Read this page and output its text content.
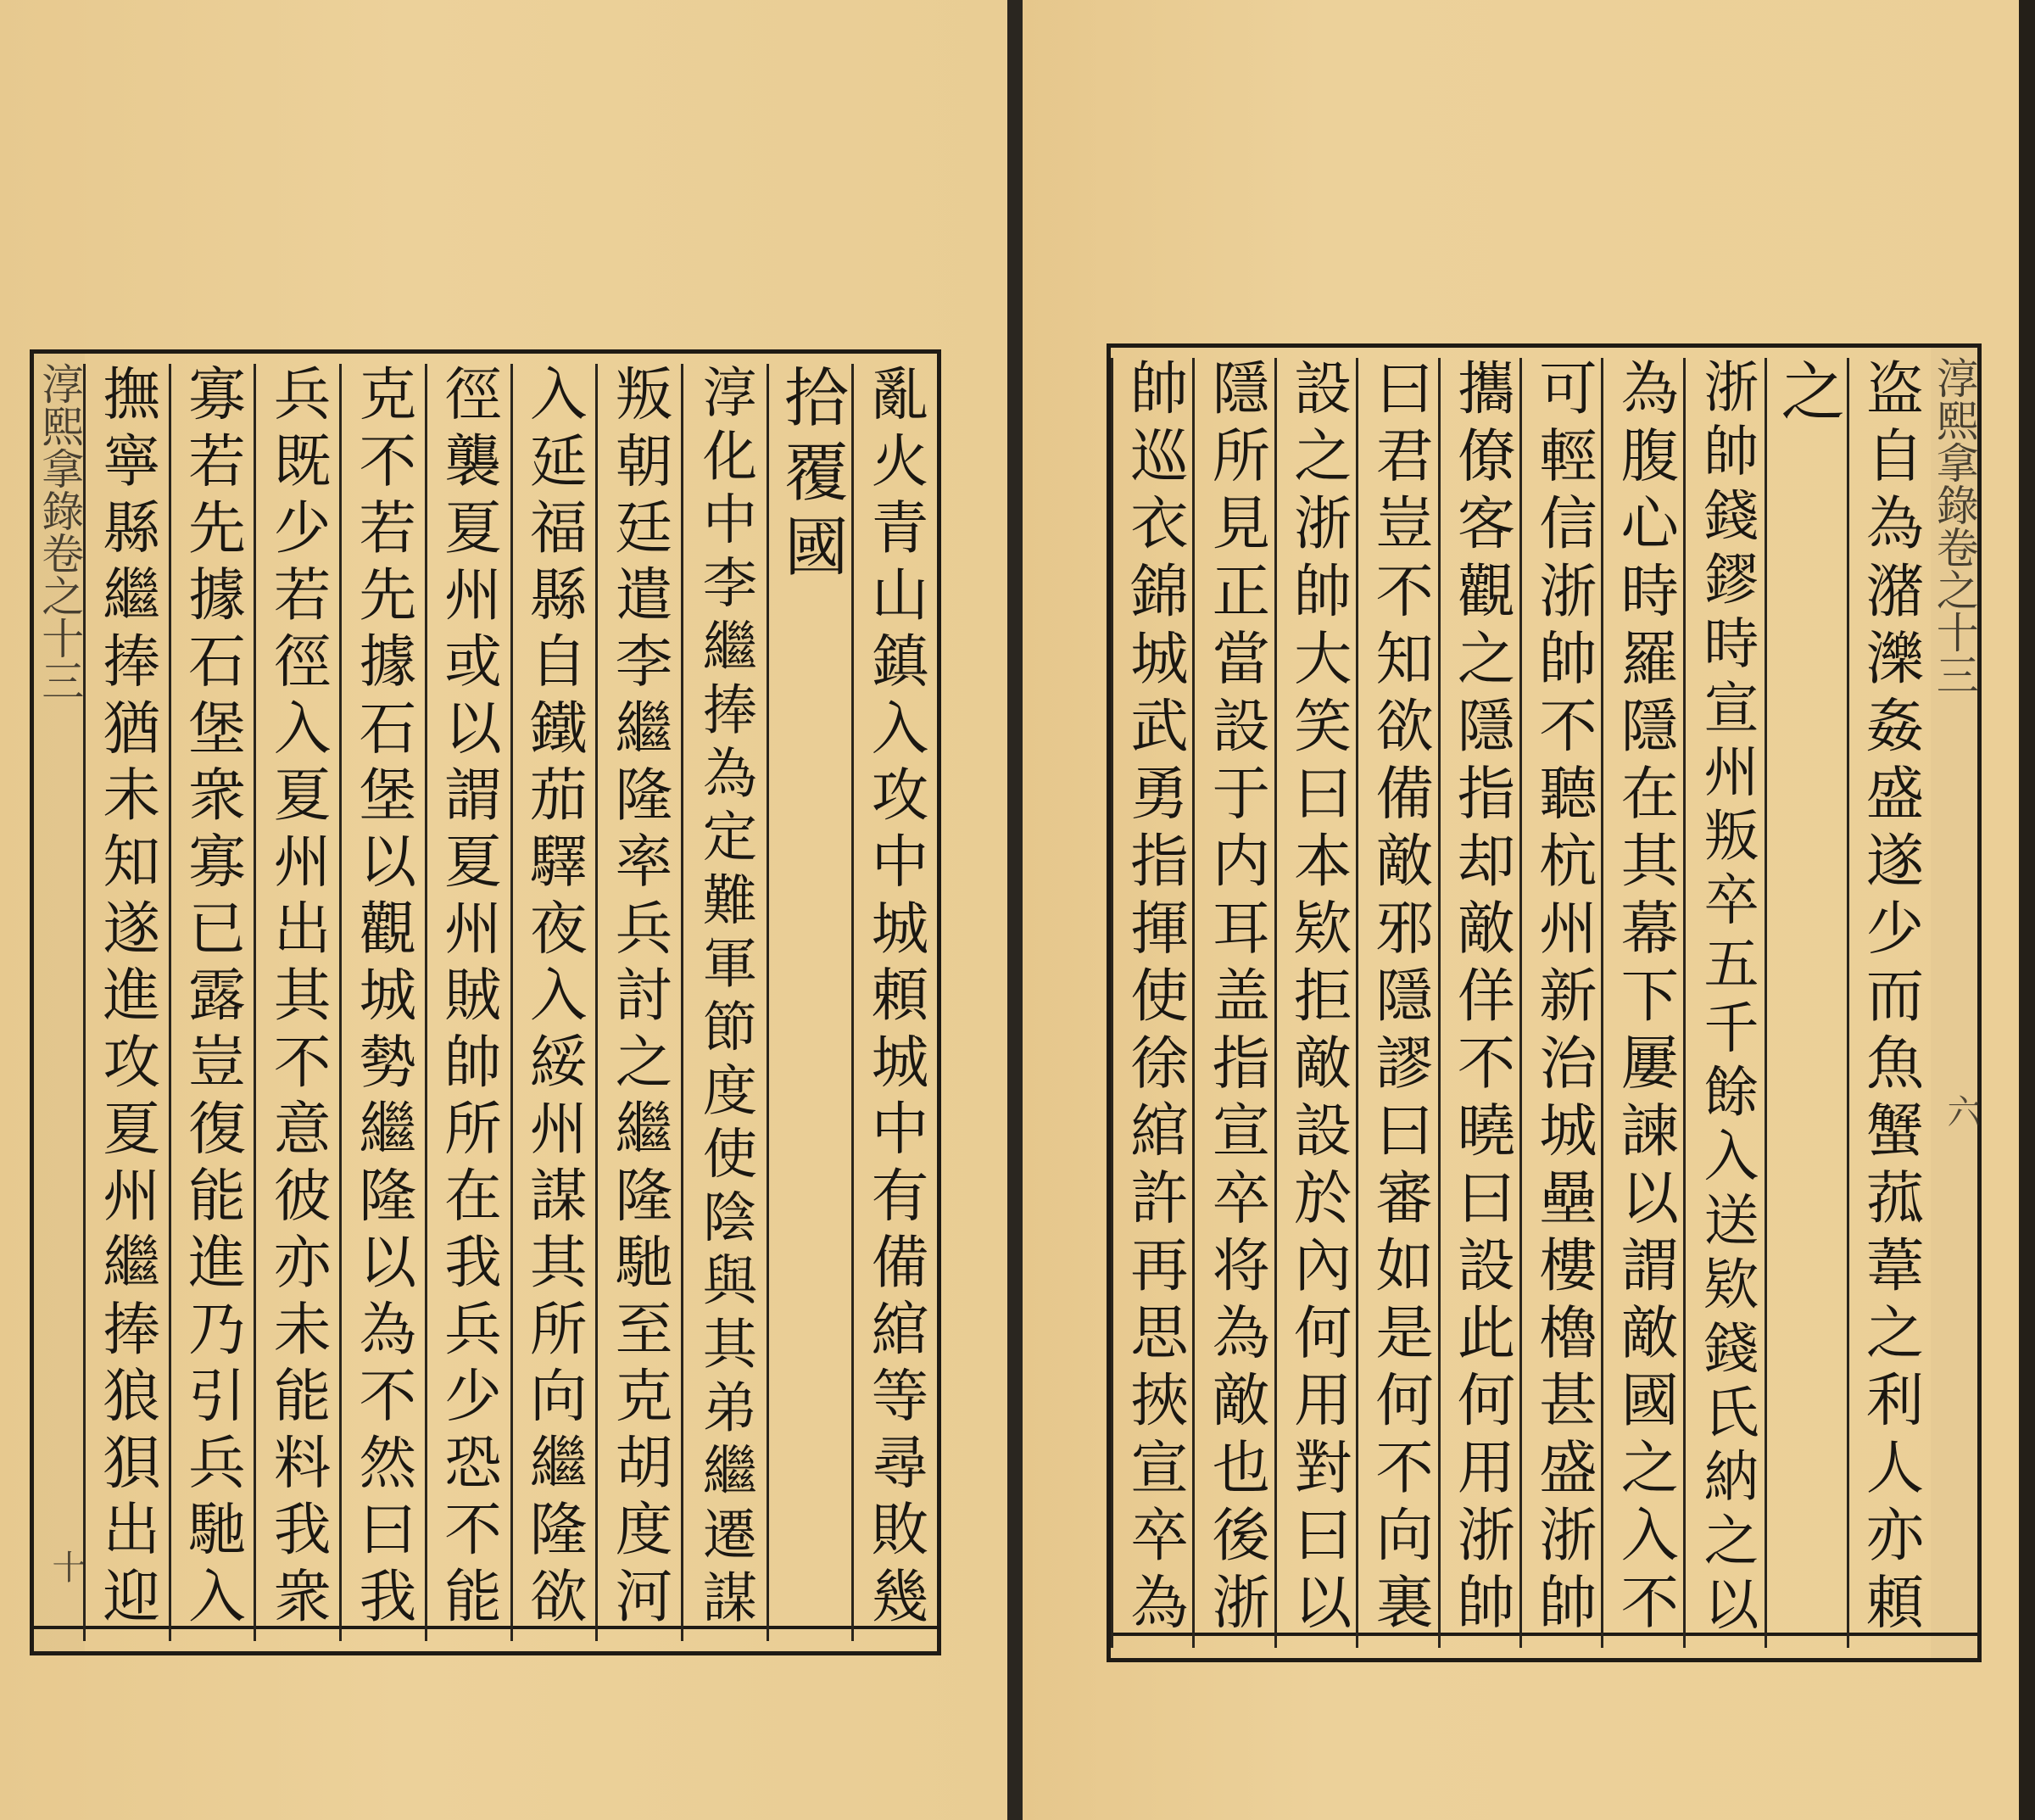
淳熙拿錄卷之十三
十	亂火青山鎮入攻中城頼城中有備綰等尋敗幾
拾覆國
淳化中李繼捧為定難軍節度使陰與其弟繼遷謀
叛朝廷遣李繼隆率兵討之繼隆馳至克胡度河
入延福縣自鐵茄驛夜入綏州謀其所向繼隆欲
徑襲夏州或以謂夏州賊帥所在我兵少恐不能
克不若先據石堡以觀城勢繼隆以為不然曰我
兵既少若徑入夏州出其不意彼亦未能料我衆
寡若先據石堡衆寡已露豈復能進乃引兵馳入
撫寧縣繼捧猶未知遂進攻夏州繼捧狼狽出迎	淳熙拿錄卷之十三
六
盗自為潴濼姦盛遂少而魚蟹菰葦之利人亦頼
之
浙帥錢鏐時宣州叛卒五千餘入送欵錢氏納之以
為腹心時羅隱在其幕下屢諫以謂敵國之入不
可輕信浙帥不聽杭州新治城壘樓櫓甚盛浙帥
攜僚客觀之隱指却敵佯不曉曰設此何用浙帥
曰君豈不知欲備敵邪隱謬曰審如是何不向裏
設之浙帥大笑曰本欵拒敵設於內何用對曰以
隱所見正當設于内耳盖指宣卒将為敵也後浙
帥巡衣錦城武勇指揮使徐綰許再思挾宣卒為
